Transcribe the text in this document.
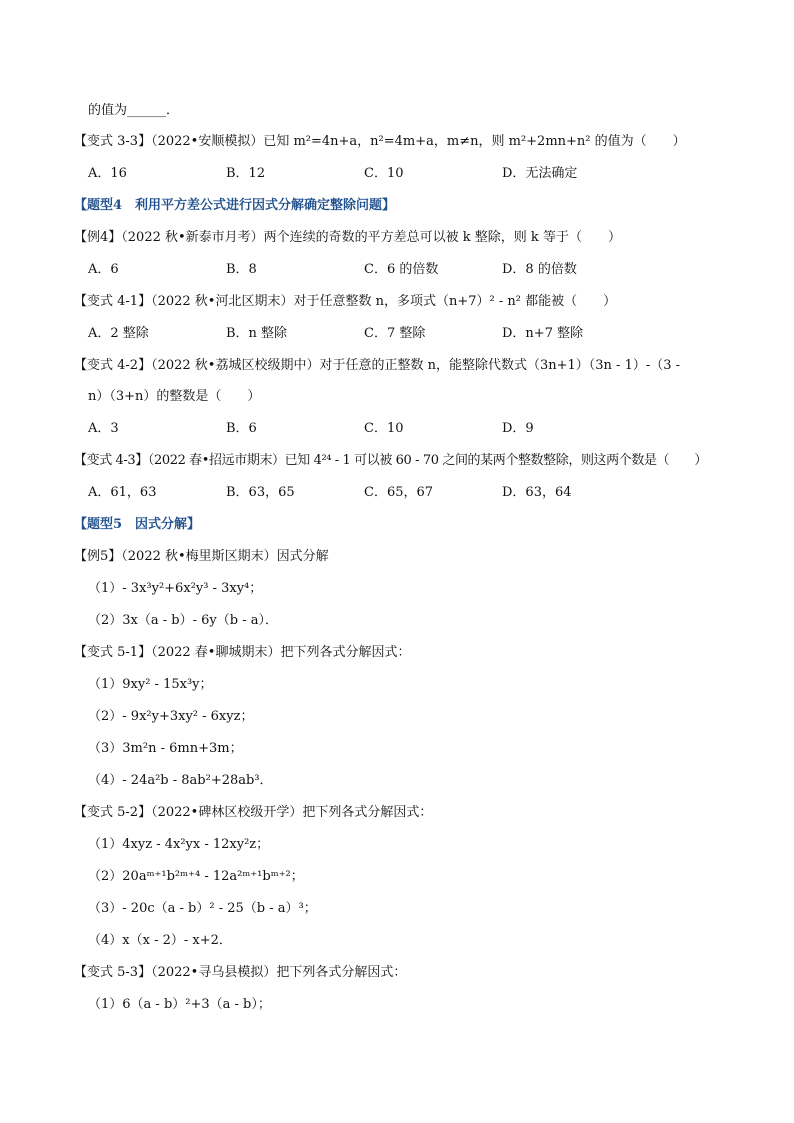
的值为______．
【变式 3-3】（2022•安顺模拟）已知 m²=4n+a，n²=4m+a，m≠n，则 m²+2mn+n² 的值为（　　）
A．16	B．12	C．10	D．无法确定
【题型4　利用平方差公式进行因式分解确定整除问题】
【例4】（2022 秋•新泰市月考）两个连续的奇数的平方差总可以被 k 整除，则 k 等于（　　）
A．6	B．8	C．6 的倍数	D．8 的倍数
【变式 4-1】（2022 秋•河北区期末）对于任意整数 n，多项式（n+7）² - n² 都能被（　　）
A．2 整除	B．n 整除	C．7 整除	D．n+7 整除
【变式 4-2】（2022 秋•荔城区校级期中）对于任意的正整数 n，能整除代数式（3n+1）（3n - 1）-（3 -
n）（3+n）的整数是（　　）
A．3	B．6	C．10	D．9
【变式 4-3】（2022 春•招远市期末）已知 4²⁴ - 1 可以被 60 - 70 之间的某两个整数整除，则这两个数是（　　）
A．61，63	B．63，65	C．65，67	D．63，64
【题型5　因式分解】
【例5】（2022 秋•梅里斯区期末）因式分解
（1）- 3x³y²+6x²y³ - 3xy⁴；
（2）3x（a - b）- 6y（b - a）．
【变式 5-1】（2022 春•聊城期末）把下列各式分解因式：
（1）9xy² - 15x³y；
（2）- 9x²y+3xy² - 6xyz；
（3）3m²n - 6mn+3m；
（4）- 24a²b - 8ab²+28ab³．
【变式 5-2】（2022•碑林区校级开学）把下列各式分解因式：
（1）4xyz - 4x²yx - 12xy²z；
（2）20aᵐ⁺¹b²ᵐ⁺⁴ - 12a²ᵐ⁺¹bᵐ⁺²；
（3）- 20c（a - b）² - 25（b - a）³；
（4）x（x - 2）- x+2．
【变式 5-3】（2022•寻乌县模拟）把下列各式分解因式：
（1）6（a - b）²+3（a - b）；
